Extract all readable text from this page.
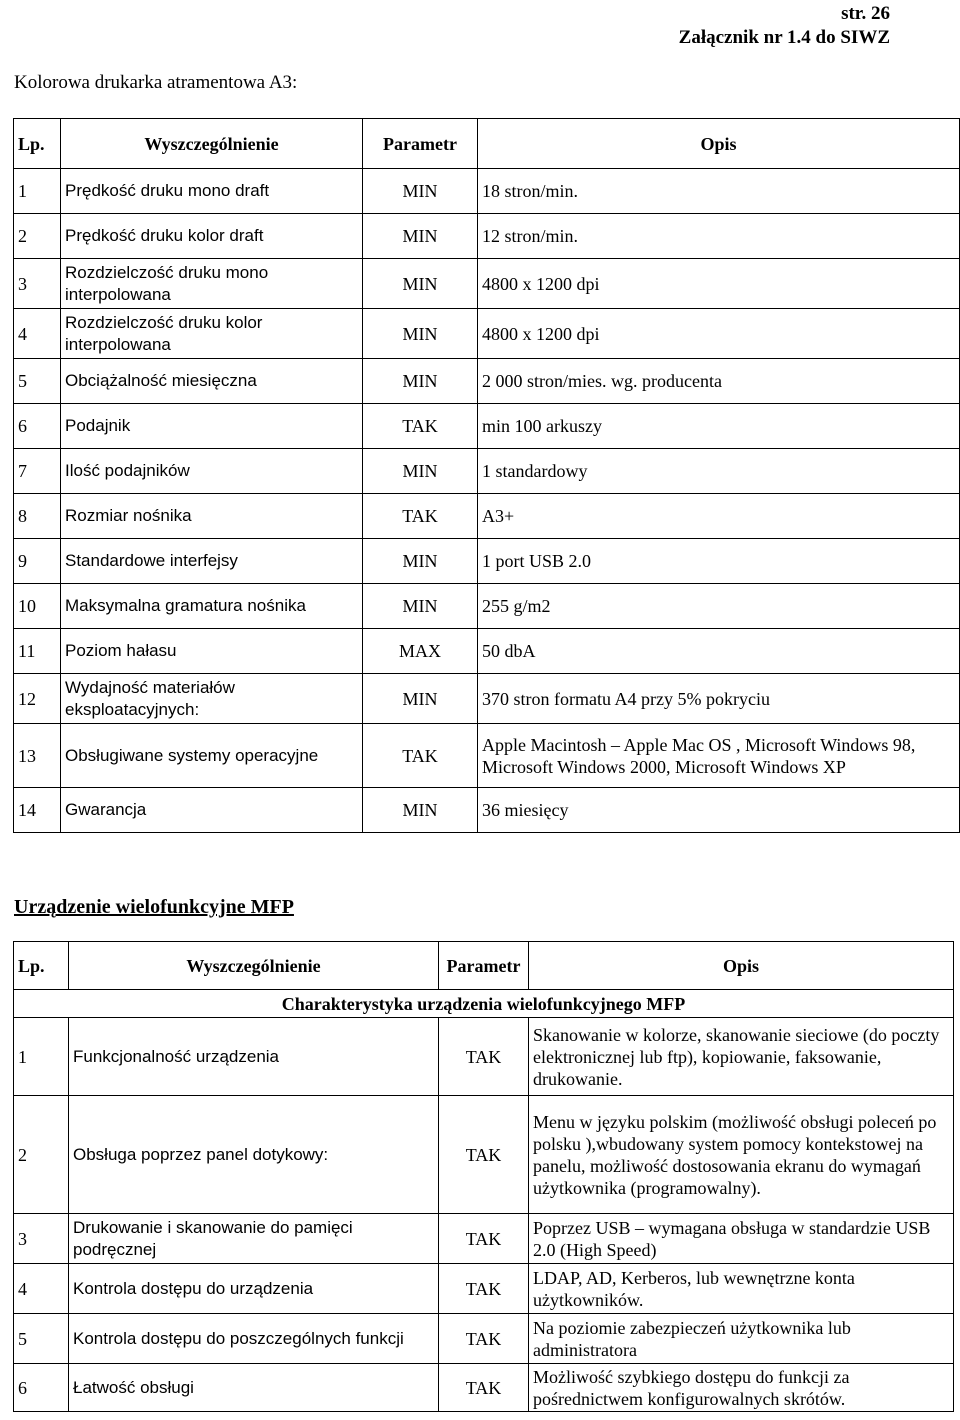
str. 26
Załącznik nr 1.4 do SIWZ
Kolorowa drukarka atramentowa A3:
Lp.	Wyszczególnienie	Parametr	Opis
1	Prędkość druku mono draft	MIN	18 stron/min.
2	Prędkość druku kolor draft	MIN	12 stron/min.
3	Rozdzielczość druku mono interpolowana	MIN	4800 x 1200 dpi
4	Rozdzielczość druku kolor interpolowana	MIN	4800 x 1200 dpi
5	Obciążalność miesięczna	MIN	2 000 stron/mies. wg. producenta
6	Podajnik	TAK	min 100 arkuszy
7	Ilość podajników	MIN	1 standardowy
8	Rozmiar nośnika	TAK	A3+
9	Standardowe interfejsy	MIN	1 port USB 2.0
10	Maksymalna gramatura nośnika	MIN	255 g/m2
11	Poziom hałasu	MAX	50 dbA
12	Wydajność materiałów eksploatacyjnych:	MIN	370 stron formatu A4 przy 5% pokryciu
13	Obsługiwane systemy operacyjne	TAK	Apple Macintosh – Apple Mac OS , Microsoft Windows 98, Microsoft Windows 2000, Microsoft Windows XP
14	Gwarancja	MIN	36 miesięcy
Urządzenie wielofunkcyjne MFP
Lp.	Wyszczególnienie	Parametr	Opis
Charakterystyka urządzenia wielofunkcyjnego MFP			
1	Funkcjonalność urządzenia	TAK	Skanowanie w kolorze, skanowanie sieciowe (do poczty elektronicznej lub ftp), kopiowanie, faksowanie, drukowanie.
2	Obsługa poprzez panel dotykowy:	TAK	Menu w języku polskim (możliwość obsługi poleceń po polsku ),wbudowany system pomocy kontekstowej na panelu, możliwość dostosowania ekranu do wymagań użytkownika (programowalny).
3	Drukowanie i skanowanie do pamięci podręcznej	TAK	Poprzez USB – wymagana obsługa w standardzie USB 2.0 (High Speed)
4	Kontrola dostępu do urządzenia	TAK	LDAP, AD, Kerberos, lub wewnętrzne konta użytkowników.
5	Kontrola dostępu do poszczególnych funkcji	TAK	Na poziomie zabezpieczeń użytkownika lub administratora
6	Łatwość obsługi	TAK	Możliwość szybkiego dostępu do funkcji za pośrednictwem konfigurowalnych skrótów.
